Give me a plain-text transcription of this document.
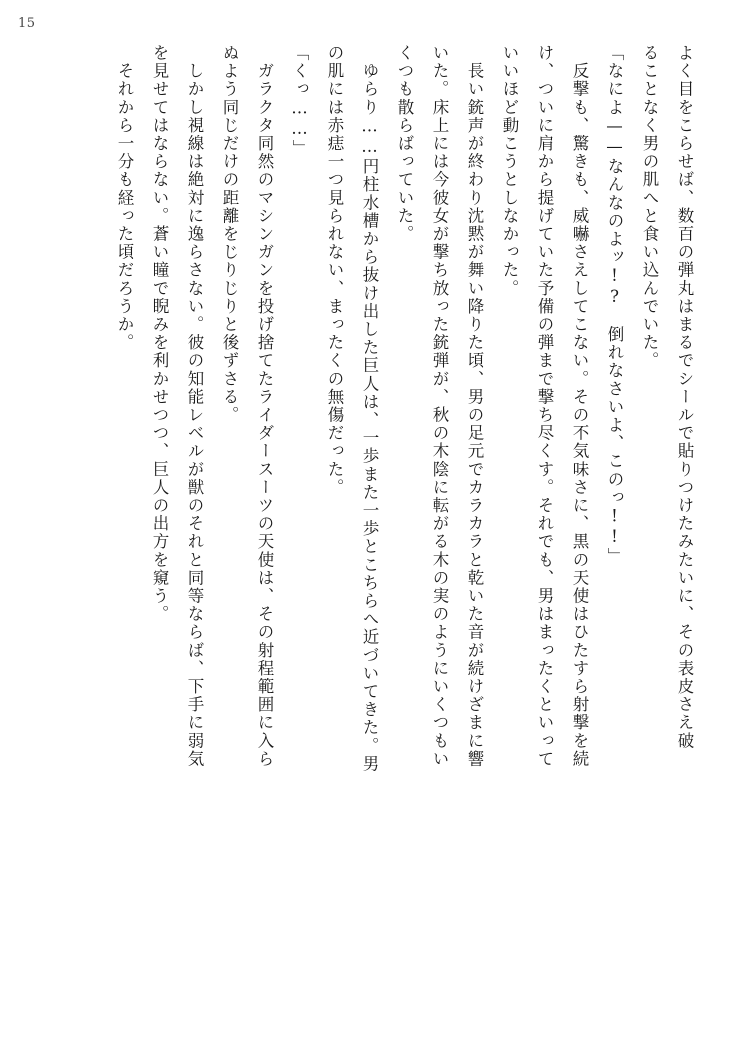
15
よく目をこらせば、数百の弾丸はまるでシールで貼りつけたみたいに、その表皮さえ破
ることなく男の肌へと食い込んでいた。
「なによ——なんなのよッ!?　倒れなさいよ、このっ!!」
　反撃も、驚きも、威嚇さえしてこない。その不気味さに、黒の天使はひたすら射撃を続
け、ついに肩から提げていた予備の弾まで撃ち尽くす。それでも、男はまったくといって
いいほど動こうとしなかった。
　長い銃声が終わり沈黙が舞い降りた頃、男の足元でカラカラと乾いた音が続けざまに響
いた。床上には今彼女が撃ち放った銃弾が、秋の木陰に転がる木の実のようにいくつもい
くつも散らばっていた。
　ゆらり……円柱水槽から抜け出した巨人は、一歩また一歩とこちらへ近づいてきた。男
の肌には赤痣一つ見られない、まったくの無傷だった。
「くっ……」
　ガラクタ同然のマシンガンを投げ捨てたライダースーツの天使は、その射程範囲に入ら
ぬよう同じだけの距離をじりじりと後ずさる。
　しかし視線は絶対に逸らさない。彼の知能レベルが獣のそれと同等ならば、下手に弱気
を見せてはならない。蒼い瞳で睨みを利かせつつ、巨人の出方を窺う。
　それから一分も経った頃だろうか。
